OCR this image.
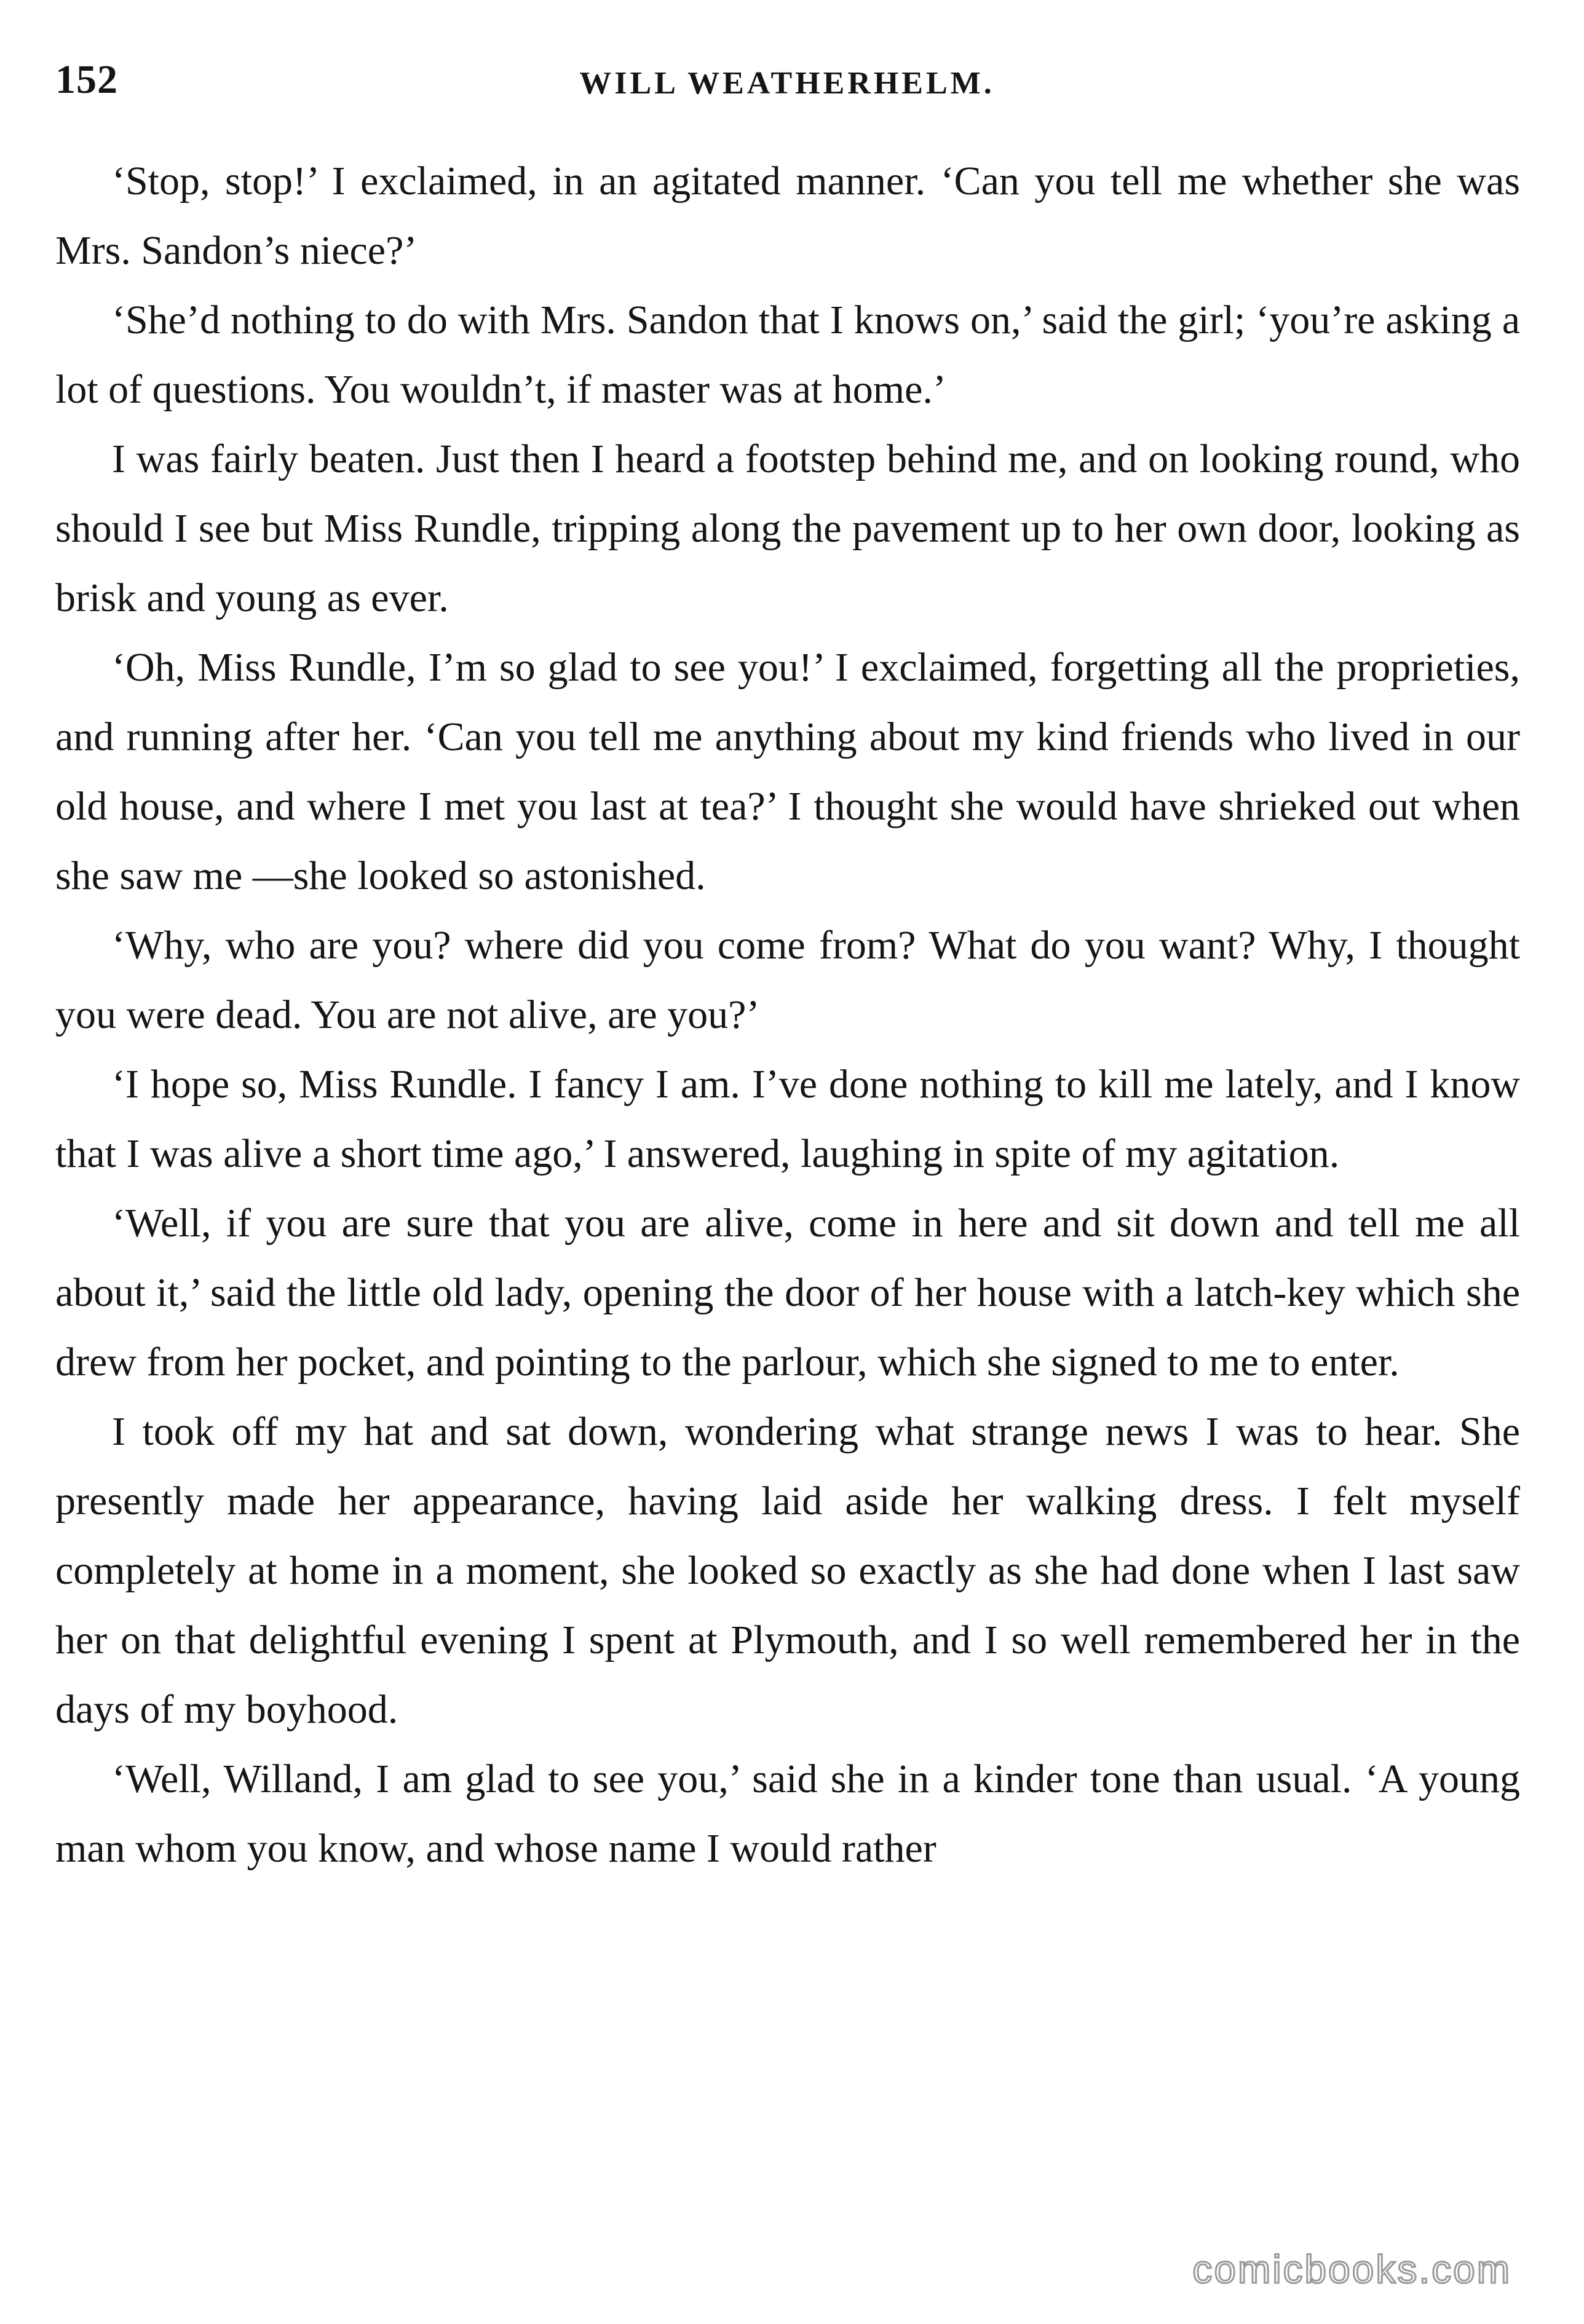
152	WILL WEATHERHELM.

‘Stop, stop!’ I exclaimed, in an agitated manner. ‘Can you tell me whether she was Mrs. Sandon’s niece?’

‘She’d nothing to do with Mrs. Sandon that I knows on,’ said the girl; ‘you’re asking a lot of questions. You wouldn’t, if master was at home.’

I was fairly beaten. Just then I heard a footstep behind me, and on looking round, who should I see but Miss Rundle, tripping along the pavement up to her own door, looking as brisk and young as ever.

‘Oh, Miss Rundle, I’m so glad to see you!’ I exclaimed, forgetting all the proprieties, and running after her. ‘Can you tell me anything about my kind friends who lived in our old house, and where I met you last at tea?’ I thought she would have shrieked out when she saw me —she looked so astonished.

‘Why, who are you? where did you come from? What do you want? Why, I thought you were dead. You are not alive, are you?’

‘I hope so, Miss Rundle. I fancy I am. I’ve done nothing to kill me lately, and I know that I was alive a short time ago,’ I answered, laughing in spite of my agitation.

‘Well, if you are sure that you are alive, come in here and sit down and tell me all about it,’ said the little old lady, opening the door of her house with a latch-key which she drew from her pocket, and pointing to the parlour, which she signed to me to enter.

I took off my hat and sat down, wondering what strange news I was to hear. She presently made her appearance, having laid aside her walking dress. I felt myself completely at home in a moment, she looked so exactly as she had done when I last saw her on that delightful evening I spent at Plymouth, and I so well remembered her in the days of my boyhood.

‘Well, Willand, I am glad to see you,’ said she in a kinder tone than usual. ‘A young man whom you know, and whose name I would rather

comicbooks.com
